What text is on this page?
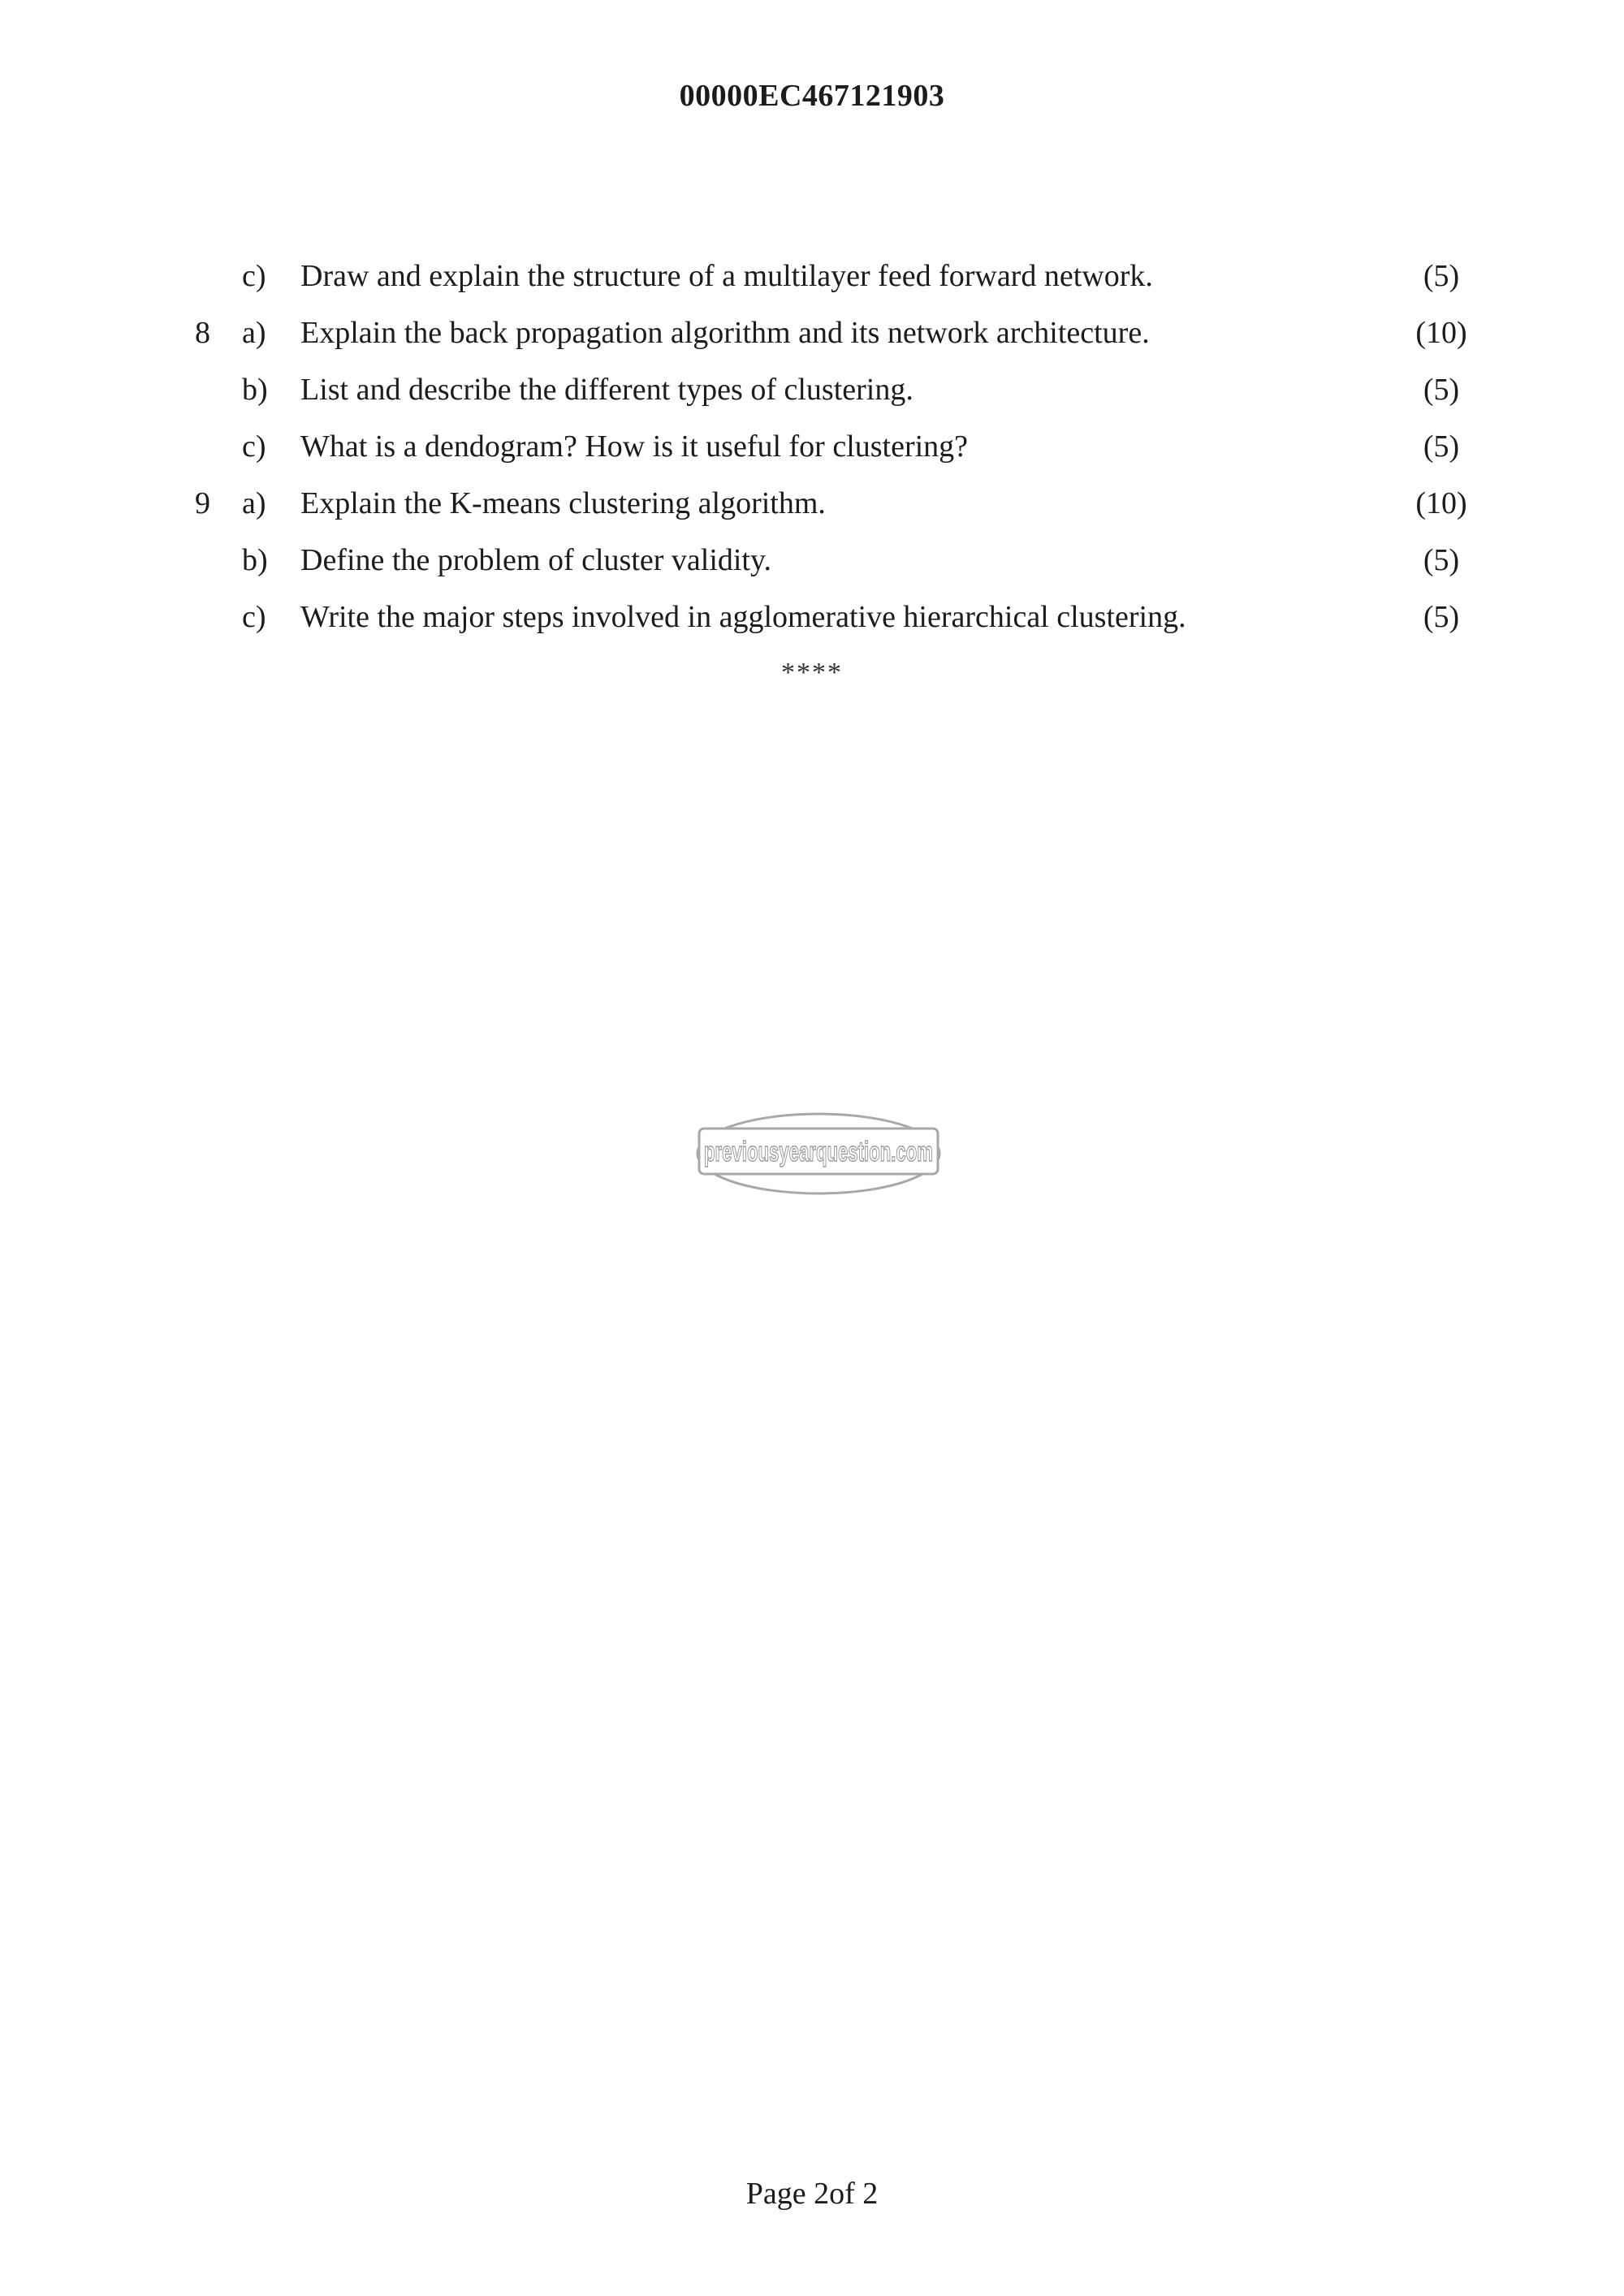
00000EC467121903
c)	Draw and explain the structure of a multilayer feed forward network.	(5)
8 a)	Explain the back propagation algorithm and its network architecture.	(10)
b)	List and describe the different types of clustering.	(5)
c)	What is a dendogram? How is it useful for clustering?	(5)
9 a)	Explain the K-means clustering algorithm.	(10)
b)	Define the problem of cluster validity.	(5)
c)	Write the major steps involved in agglomerative hierarchical clustering.	(5)
****
previousyearquestion.com
Page 2of 2
